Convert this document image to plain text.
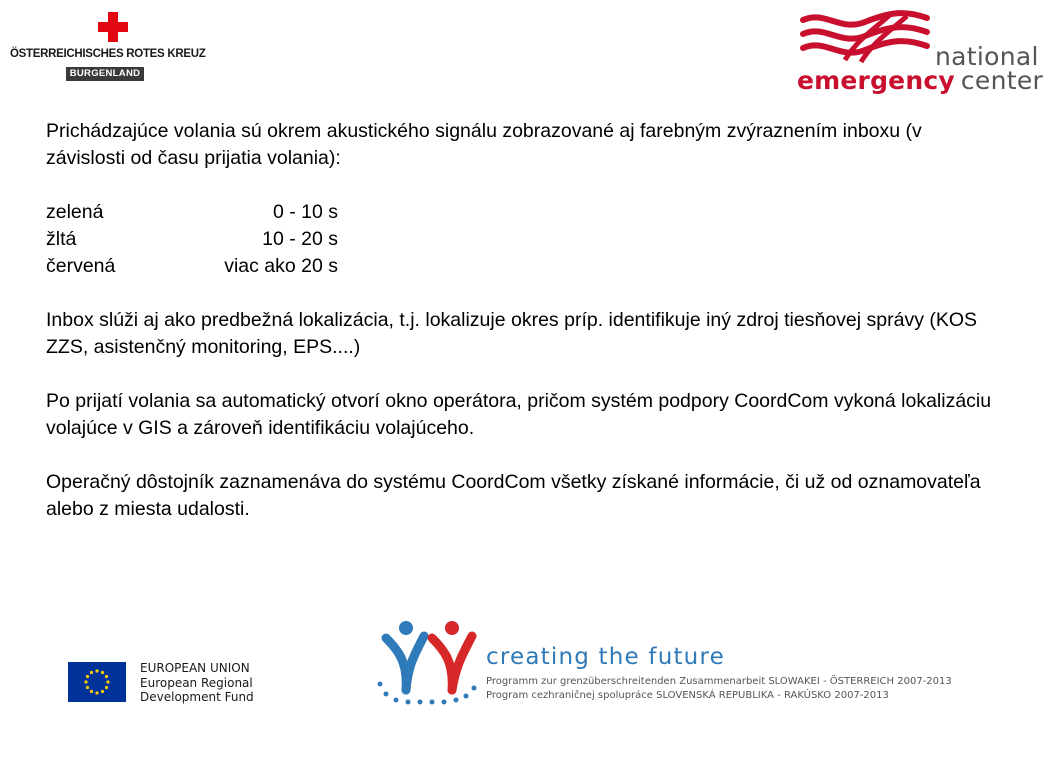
ÖSTERREICHISCHES ROTES KREUZ
BURGENLAND
national
emergency center

Prichádzajúce volania sú okrem akustického signálu zobrazované aj farebným zvýraznením inboxu (v závislosti od času prijatia volania):

zelená	0 - 10 s
žltá	10 - 20 s
červená	viac ako 20 s

Inbox slúži aj ako predbežná lokalizácia, t.j. lokalizuje okres príp. identifikuje iný zdroj tiesňovej správy (KOS ZZS, asistenčný monitoring, EPS....)

Po prijatí volania sa automatický otvorí okno operátora, pričom systém podpory CoordCom vykoná lokalizáciu volajúce v GIS a zároveň identifikáciu volajúceho.

Operačný dôstojník zaznamenáva do systému CoordCom všetky získané informácie, či už od oznamovateľa alebo z miesta udalosti.

EUROPEAN UNION
European Regional
Development Fund
creating the future
Programm zur grenzüberschreitenden Zusammenarbeit SLOWAKEI - ÖSTERREICH 2007-2013
Program cezhraničnej spolupráce SLOVENSKÁ REPUBLIKA - RAKÚSKO 2007-2013
